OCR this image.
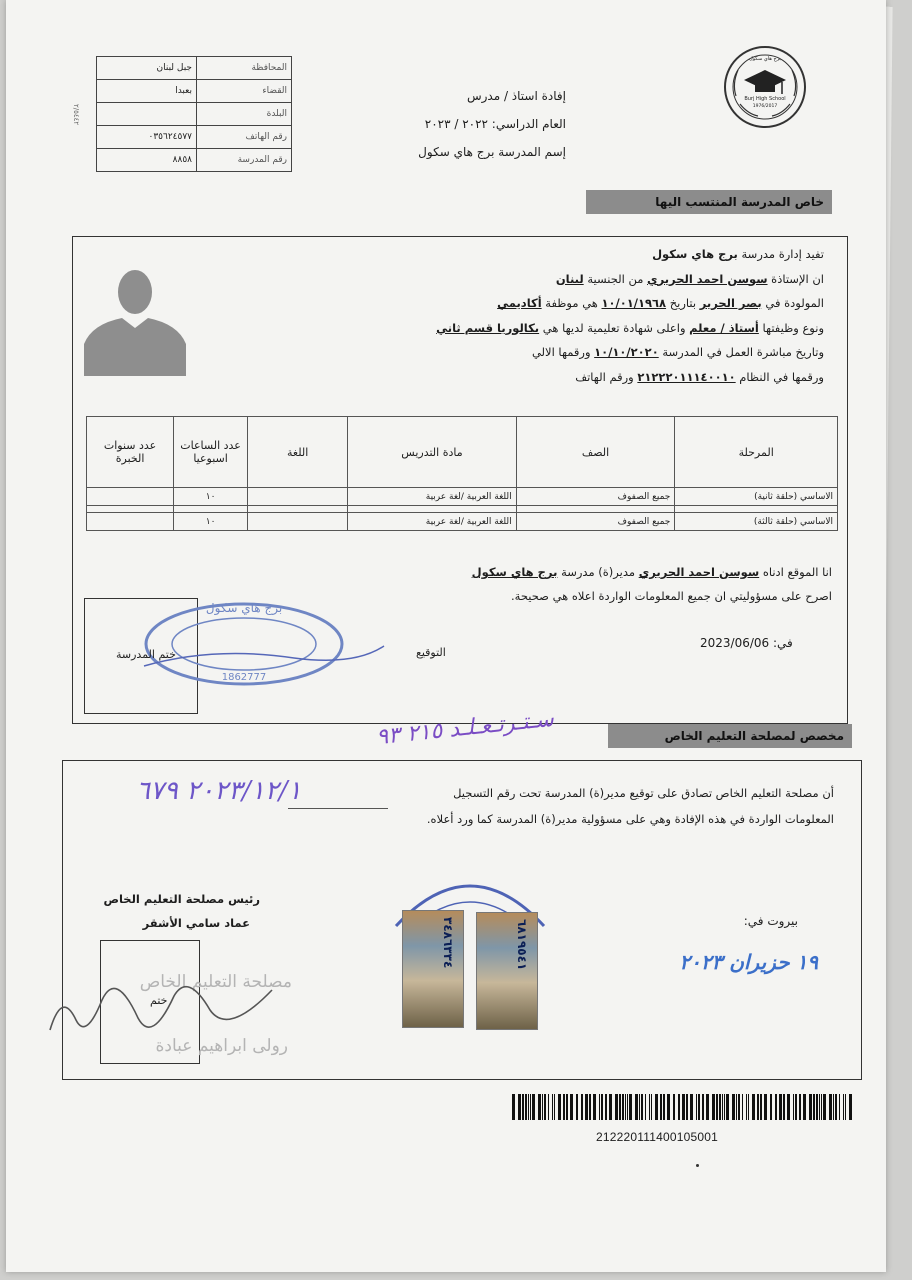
جبل لبنان	المحافظة
بعبدا	القضاء
	البلدة
٠٣٥٦٢٤٥٧٧	رقم الهاتف
٨٨٥٨	رقم المدرسة
٢/٥٤٤٢
إفادة استاذ / مدرس
العام الدراسي: ٢٠٢٢ / ٢٠٢٣
إسم المدرسة برج هاي سكول
برج هاي سكول
Burj High School
1976/2017
خاص المدرسة المنتسب اليها
تفيد إدارة مدرسة برج هاي سكول
ان الإستاذة سوسن احمد الحريري من الجنسية لبنان
المولودة في بصر الحرير بتاريخ ١٠/٠١/١٩٦٨ هي موظفة أكاديمي
ونوع وظيفتها أستاذ / معلم واعلى شهادة تعليمية لديها هي بكالوريا قسم ثاني
وتاريخ مباشرة العمل في المدرسة ١٠/١٠/٢٠٢٠ ورقمها الالي
ورقمها في النظام ٢١٢٢٢٠١١١٤٠٠١٠ ورقم الهاتف
المرحلة	الصف	مادة التدريس	اللغة	عدد الساعات اسبوعيا	عدد سنوات الخبرة
الاساسي (حلقة ثانية)	جميع الصفوف	اللغة العربية /لغة عربية		١٠	

الاساسي (حلقة ثالثة)	جميع الصفوف	اللغة العربية /لغة عربية		١٠	
انا الموقع ادناه سوسن احمد الحريري مدير(ة) مدرسة برج هاي سكول
اصرح على مسؤوليتي ان جميع المعلومات الواردة اعلاه هي صحيحة.
في: 2023/06/06
التوقيع
برج هاي سكول
1862777
ختم المدرسة
سـتـرتـعـلـد ٢١٥ ٩٣	مخصص لمصلحة التعليم الخاص
أن مصلحة التعليم الخاص تصادق على توقيع مدير(ة) المدرسة تحت رقم التسجيل
٢٠٢٣/١٢/١ ٦٧٩
المعلومات الواردة في هذه الإفادة وهي على مسؤولية مدير(ة) المدرسة كما ورد أعلاه.
رئيس مصلحة التعليم الخاص
عماد سامي الأشقر
ختم
مصلحة التعليم الخاص
رولى ابراهيم عبادة
٣٤٨٦٣٣٤	٦٨١٩٥٤١	بيروت في:
١٩ حزيران ٢٠٢٣
212220111400105001
